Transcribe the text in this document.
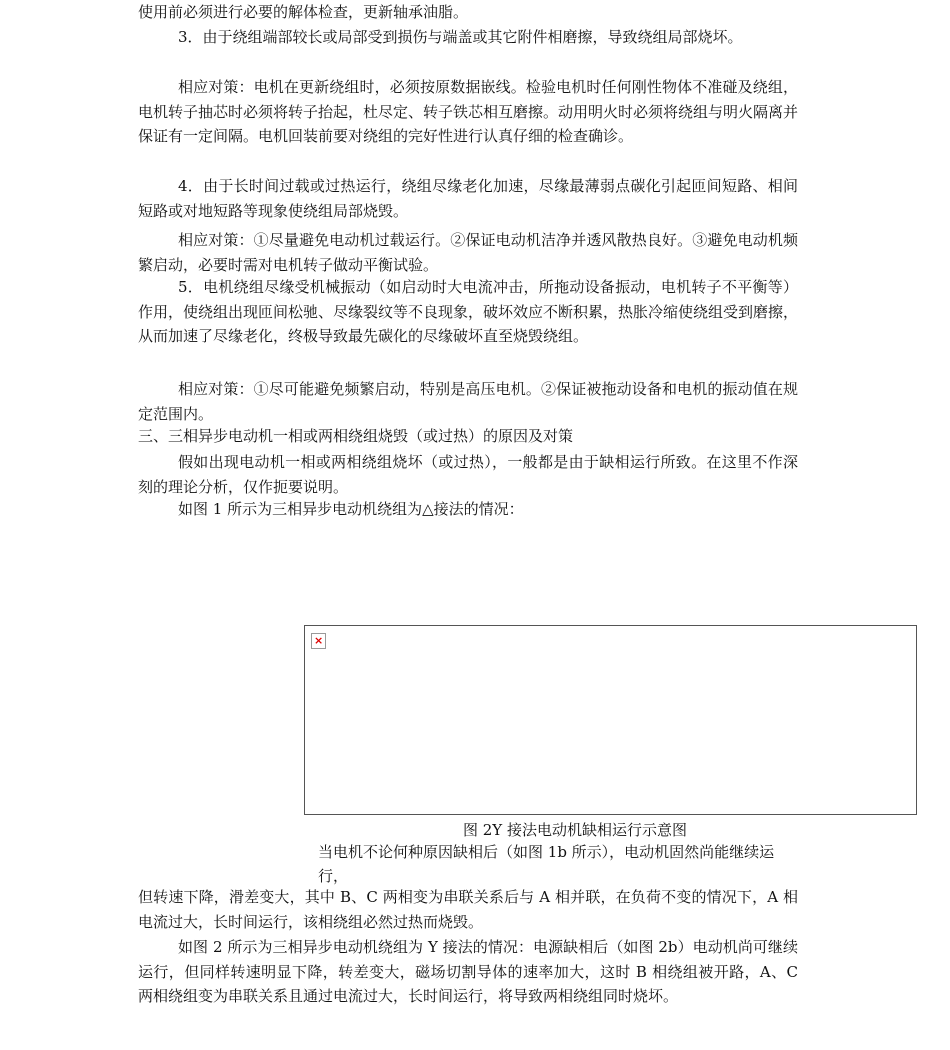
使用前必须进行必要的解体检查，更新轴承油脂。

3．由于绕组端部较长或局部受到损伤与端盖或其它附件相磨擦，导致绕组局部烧坏。

相应对策：电机在更新绕组时，必须按原数据嵌线。检验电机时任何刚性物体不准碰及绕组，电机转子抽芯时必须将转子抬起，杜尽定、转子铁芯相互磨擦。动用明火时必须将绕组与明火隔离并保证有一定间隔。电机回装前要对绕组的完好性进行认真仔细的检查确诊。

4．由于长时间过载或过热运行，绕组尽缘老化加速，尽缘最薄弱点碳化引起匝间短路、相间短路或对地短路等现象使绕组局部烧毁。

相应对策：①尽量避免电动机过载运行。②保证电动机洁净并透风散热良好。③避免电动机频繁启动，必要时需对电机转子做动平衡试验。

5．电机绕组尽缘受机械振动（如启动时大电流冲击，所拖动设备振动，电机转子不平衡等）作用，使绕组出现匝间松驰、尽缘裂纹等不良现象，破坏效应不断积累，热胀冷缩使绕组受到磨擦，从而加速了尽缘老化，终极导致最先碳化的尽缘破坏直至烧毁绕组。

相应对策：①尽可能避免频繁启动，特别是高压电机。②保证被拖动设备和电机的振动值在规定范围内。

三、三相异步电动机一相或两相绕组烧毁（或过热）的原因及对策

假如出现电动机一相或两相绕组烧坏（或过热），一般都是由于缺相运行所致。在这里不作深刻的理论分析，仅作扼要说明。

如图 1 所示为三相异步电动机绕组为△接法的情况：

×

图 2Y 接法电动机缺相运行示意图

当电机不论何种原因缺相后（如图 1b 所示），电动机固然尚能继续运行，

但转速下降，滑差变大，其中 B、C 两相变为串联关系后与 A 相并联，在负荷不变的情况下，A 相电流过大，长时间运行，该相绕组必然过热而烧毁。

如图 2 所示为三相异步电动机绕组为 Y 接法的情况：电源缺相后（如图 2b）电动机尚可继续运行，但同样转速明显下降，转差变大，磁场切割导体的速率加大，这时 B 相绕组被开路，A、C 两相绕组变为串联关系且通过电流过大，长时间运行，将导致两相绕组同时烧坏。
